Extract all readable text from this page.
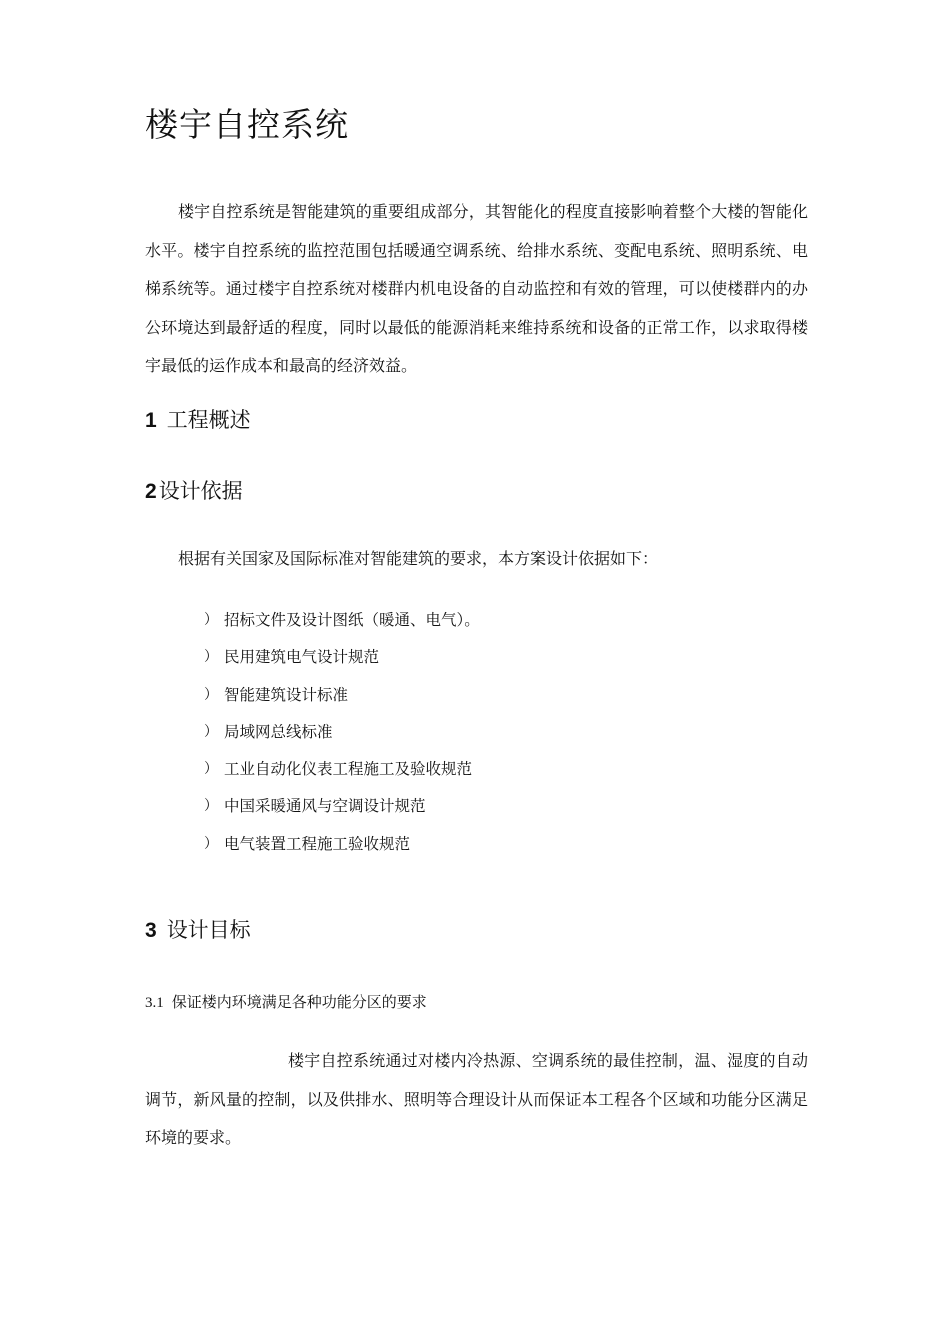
楼宇自控系统

楼宇自控系统是智能建筑的重要组成部分，其智能化的程度直接影响着整个大楼的智能化水平。楼宇自控系统的监控范围包括暖通空调系统、给排水系统、变配电系统、照明系统、电梯系统等。通过楼宇自控系统对楼群内机电设备的自动监控和有效的管理，可以使楼群内的办公环境达到最舒适的程度，同时以最低的能源消耗来维持系统和设备的正常工作，以求取得楼宇最低的运作成本和最高的经济效益。

1 工程概述
2设计依据

根据有关国家及国际标准对智能建筑的要求，本方案设计依据如下：

） 招标文件及设计图纸（暖通、电气）。
） 民用建筑电气设计规范
） 智能建筑设计标准
） 局域网总线标准
） 工业自动化仪表工程施工及验收规范
） 中国采暖通风与空调设计规范
） 电气装置工程施工验收规范
3 设计目标
3.1 保证楼内环境满足各种功能分区的要求

楼宇自控系统通过对楼内冷热源、空调系统的最佳控制，温、湿度的自动调节，新风量的控制，以及供排水、照明等合理设计从而保证本工程各个区域和功能分区满足环境的要求。
